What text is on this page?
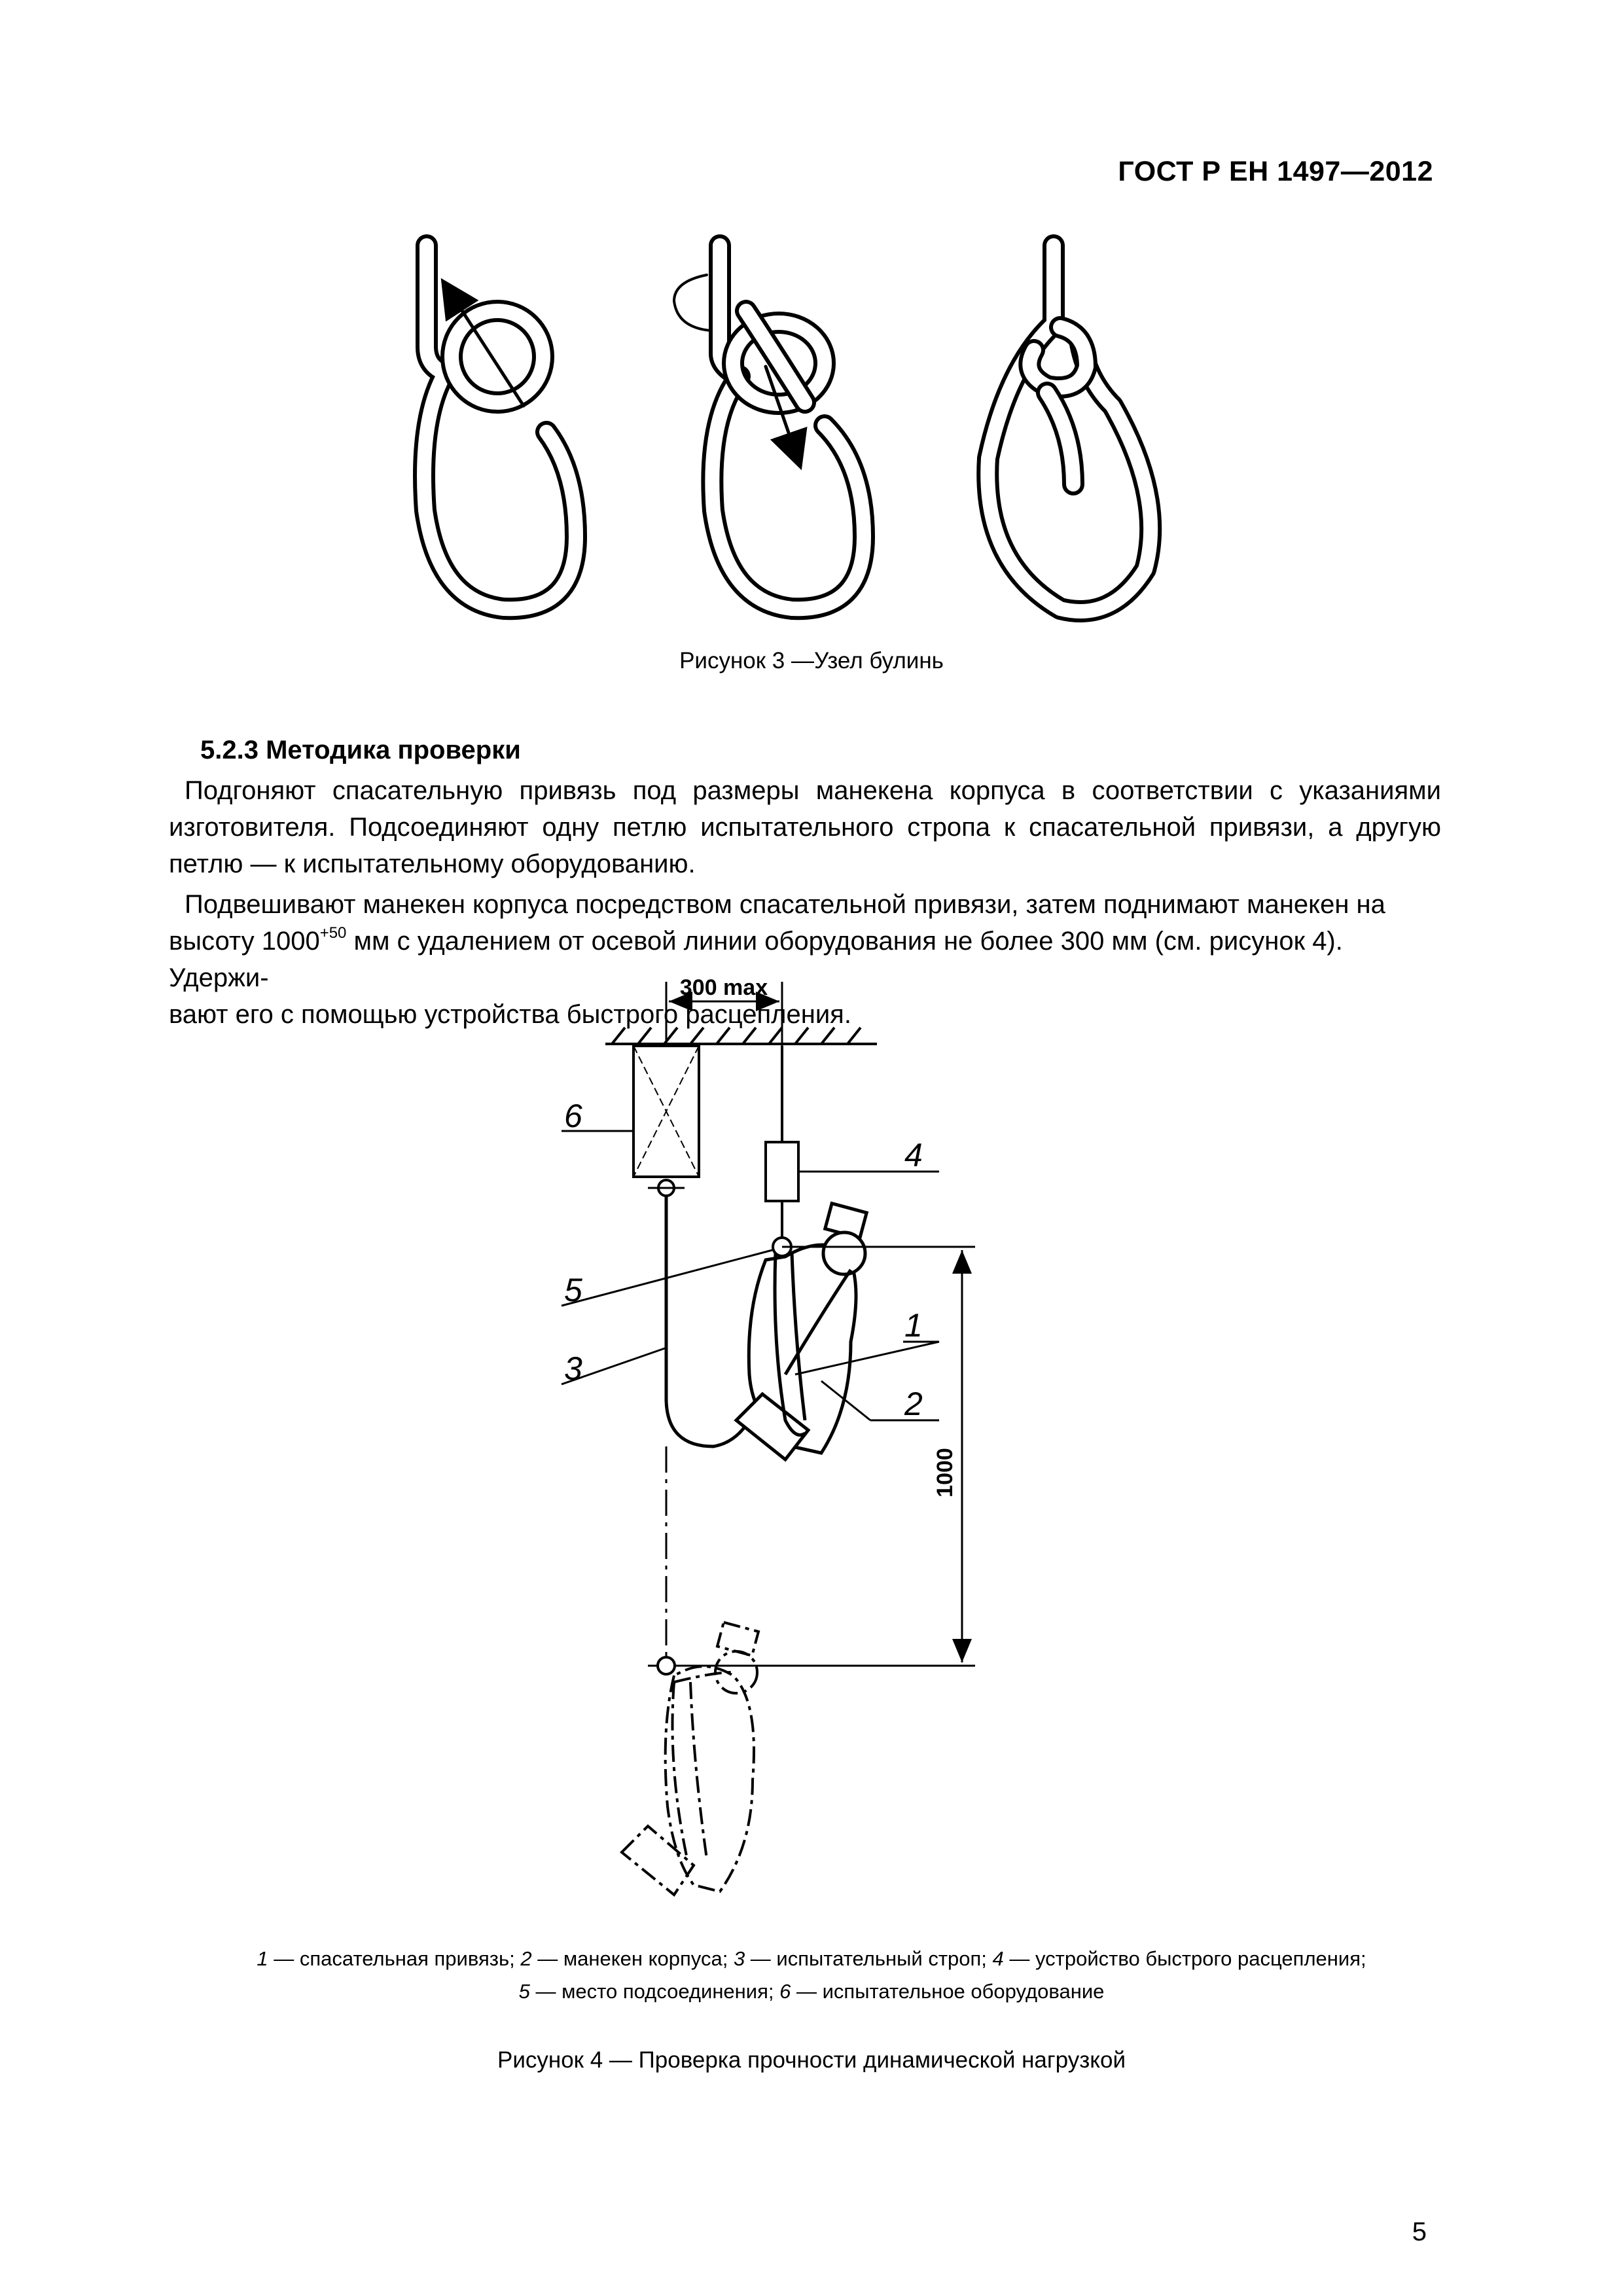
ГОСТ Р ЕН 1497—2012
Рисунок 3 —Узел булинь

5.2.3 Методика проверки

Подгоняют спасательную привязь под размеры манекена корпуса в соответствии с указаниями изготовителя. Подсоединяют одну петлю испытательного стропа к спасательной привязи, а другую петлю — к испытательному оборудованию.

Подвешивают манекен корпуса посредством спасательной привязи, затем поднимают манекен на

высоту $1000^{+50}$ мм с удалением от осевой линии оборудования не более 300 мм (см. рисунок 4). Удержи-

вают его с помощью устройства быстрого расцепления.

300 max
1000
6
4
5
3
1
2
1 — спасательная привязь; 2 — манекен корпуса; 3 — испытательный строп; 4 — устройство быстрого расцепления;
5 — место подсоединения; 6 — испытательное оборудование
Рисунок 4 — Проверка прочности динамической нагрузкой
5
